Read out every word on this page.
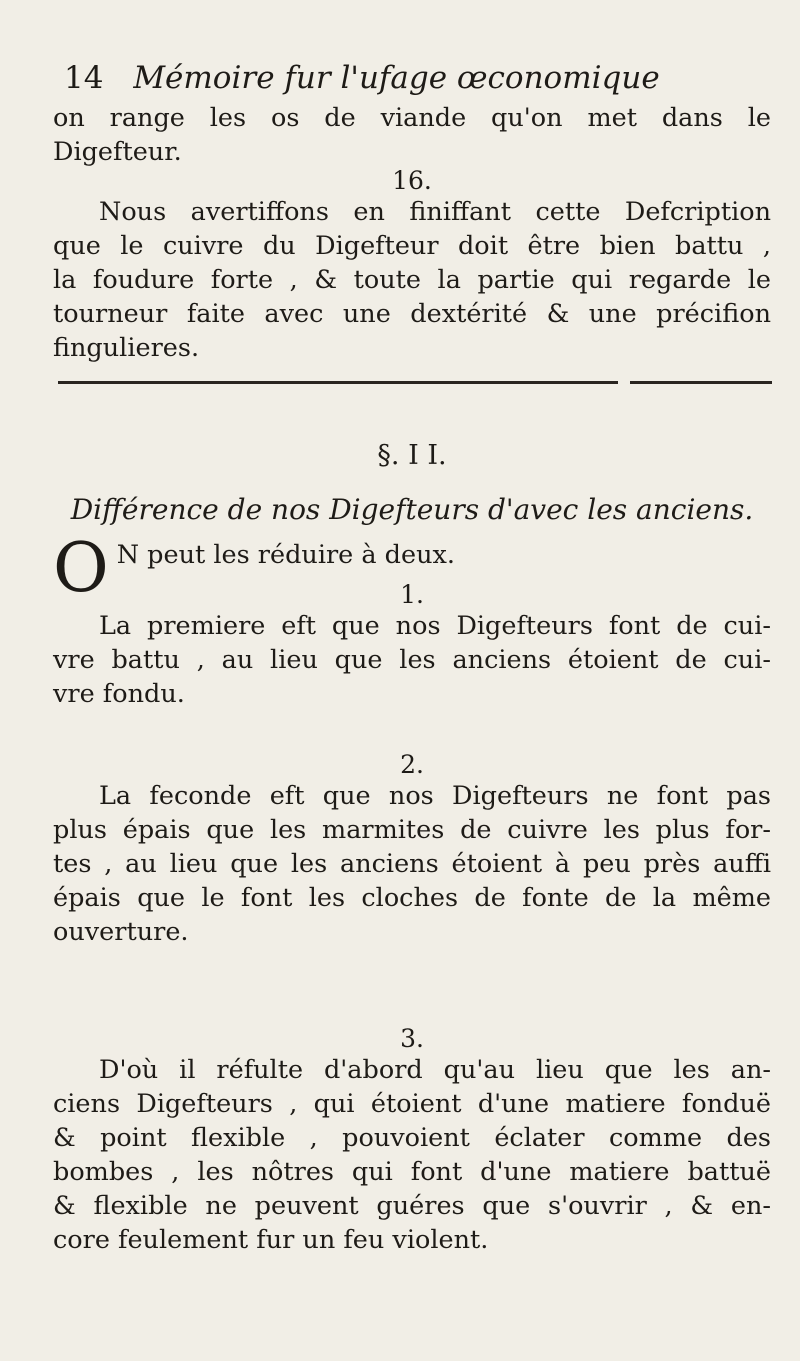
14 Mémoire fur l'ufage œconomique
on range les os de viande qu'on met dans le
Digefteur.
16.
Nous avertiffons en finiffant cette Defcription
que le cuivre du Digefteur doit être bien battu ,
la foudure forte , & toute la partie qui regarde le
tourneur faite avec une dextérité & une précifion
fingulieres.
§. I I.
Différence de nos Digefteurs d'avec les anciens.
O N peut les réduire à deux.
1.
La premiere eft que nos Digefteurs font de cui-
vre battu , au lieu que les anciens étoient de cui-
vre fondu.
2.
La feconde eft que nos Digefteurs ne font pas
plus épais que les marmites de cuivre les plus for-
tes , au lieu que les anciens étoient à peu près auffi
épais que le font les cloches de fonte de la même
ouverture.
3.
D'où il réfulte d'abord qu'au lieu que les an-
ciens Digefteurs , qui étoient d'une matiere fonduë
& point flexible , pouvoient éclater comme des
bombes , les nôtres qui font d'une matiere battuë
& flexible ne peuvent guéres que s'ouvrir , & en-
core feulement fur un feu violent.
